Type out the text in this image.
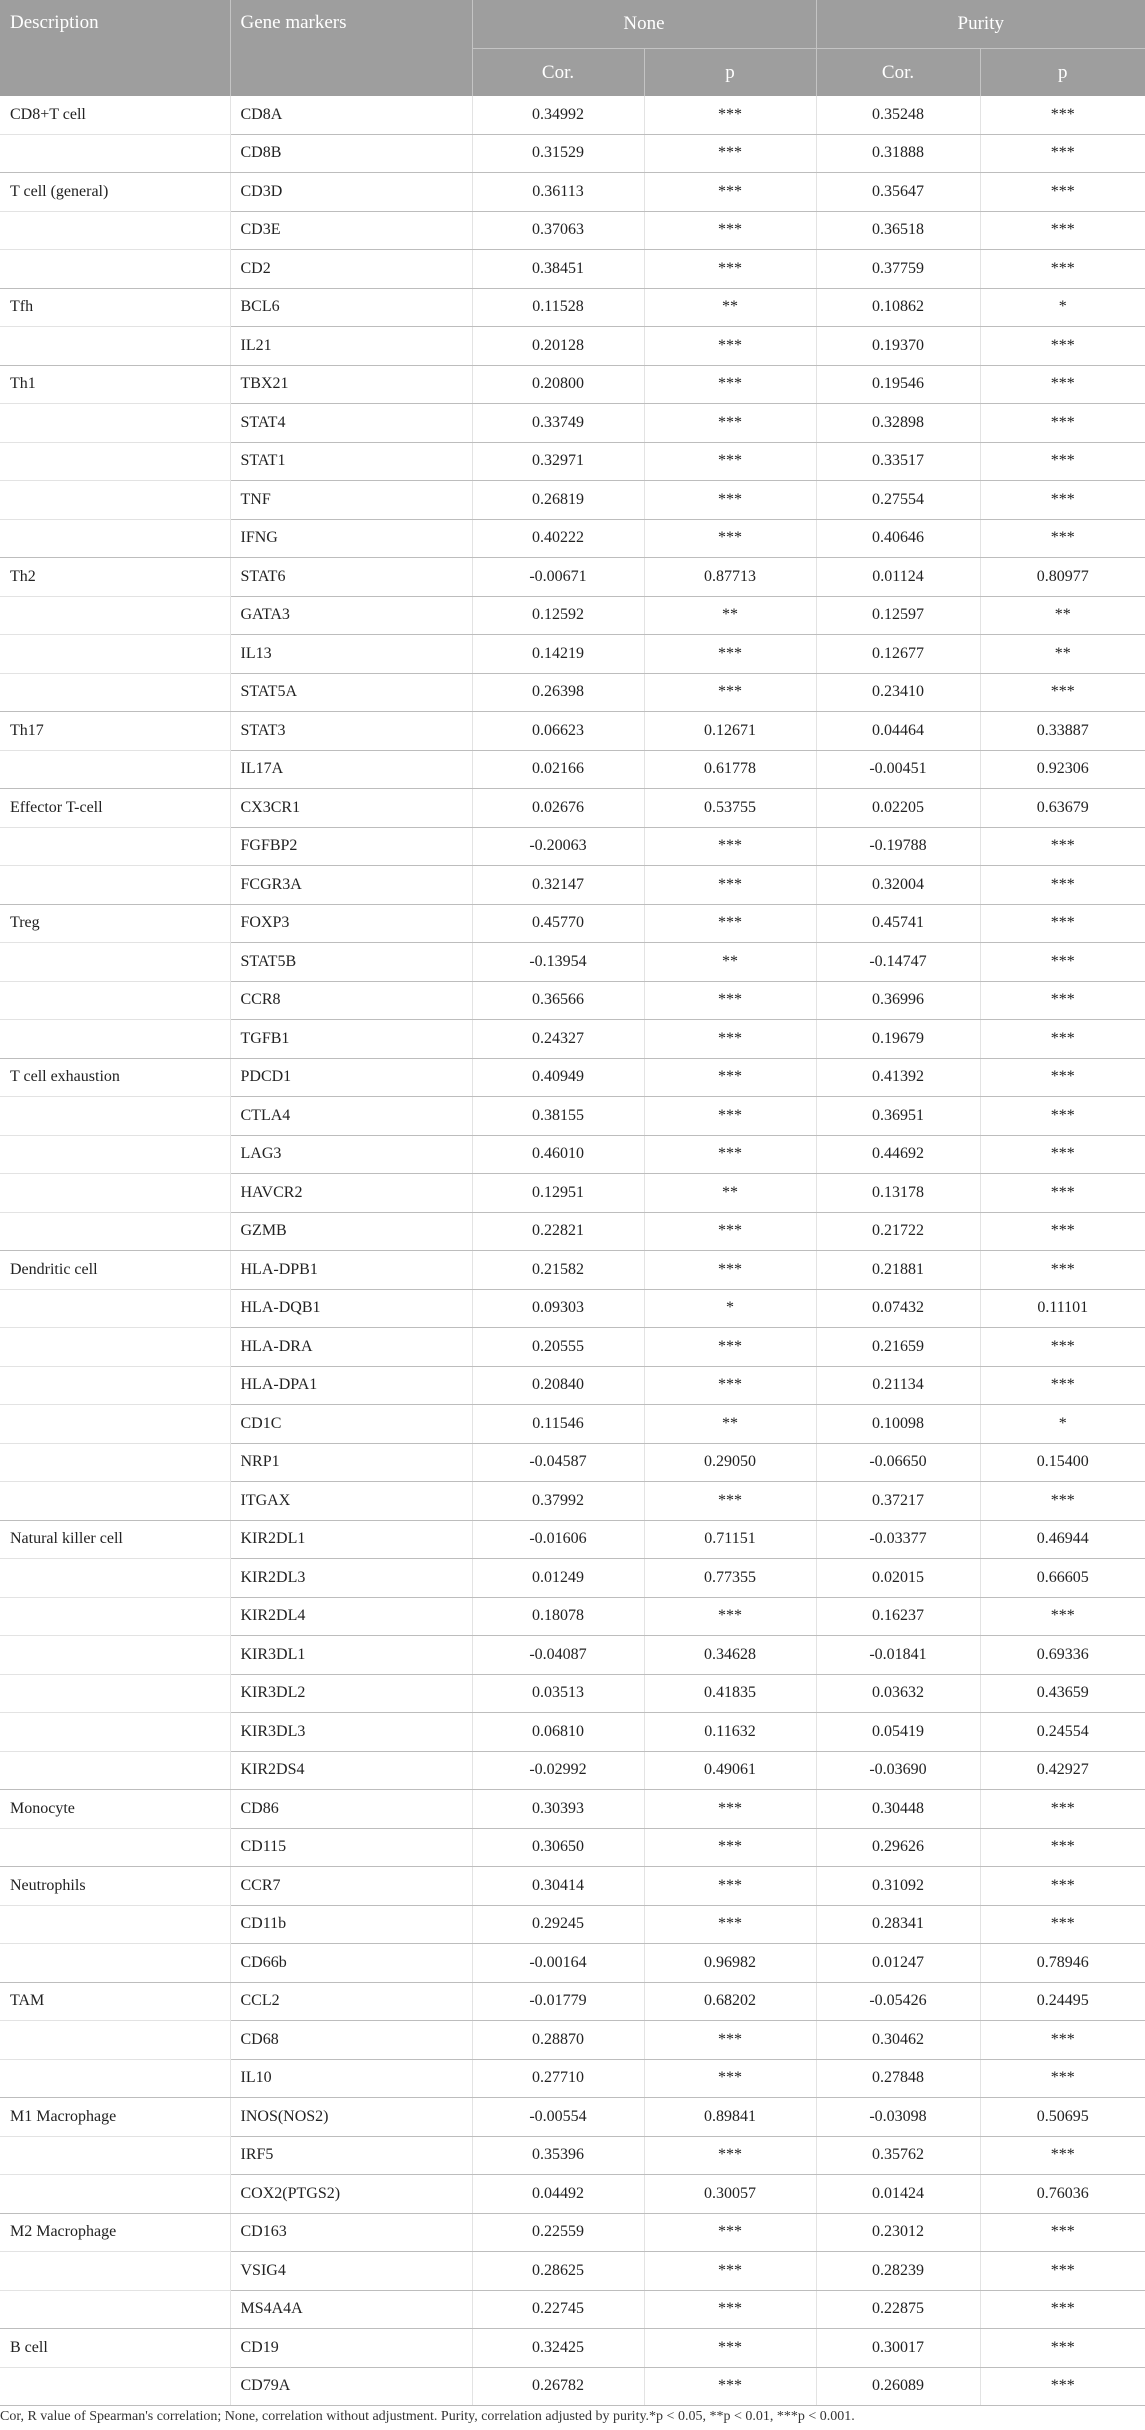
Description	Gene markers	None		Purity	
		Cor.	p	Cor.	p
CD8+T cell	CD8A	0.34992	***	0.35248	***
	CD8B	0.31529	***	0.31888	***
T cell (general)	CD3D	0.36113	***	0.35647	***
	CD3E	0.37063	***	0.36518	***
	CD2	0.38451	***	0.37759	***
Tfh	BCL6	0.11528	**	0.10862	*
	IL21	0.20128	***	0.19370	***
Th1	TBX21	0.20800	***	0.19546	***
	STAT4	0.33749	***	0.32898	***
	STAT1	0.32971	***	0.33517	***
	TNF	0.26819	***	0.27554	***
	IFNG	0.40222	***	0.40646	***
Th2	STAT6	-0.00671	0.87713	0.01124	0.80977
	GATA3	0.12592	**	0.12597	**
	IL13	0.14219	***	0.12677	**
	STAT5A	0.26398	***	0.23410	***
Th17	STAT3	0.06623	0.12671	0.04464	0.33887
	IL17A	0.02166	0.61778	-0.00451	0.92306
Effector T-cell	CX3CR1	0.02676	0.53755	0.02205	0.63679
	FGFBP2	-0.20063	***	-0.19788	***
	FCGR3A	0.32147	***	0.32004	***
Treg	FOXP3	0.45770	***	0.45741	***
	STAT5B	-0.13954	**	-0.14747	***
	CCR8	0.36566	***	0.36996	***
	TGFB1	0.24327	***	0.19679	***
T cell exhaustion	PDCD1	0.40949	***	0.41392	***
	CTLA4	0.38155	***	0.36951	***
	LAG3	0.46010	***	0.44692	***
	HAVCR2	0.12951	**	0.13178	***
	GZMB	0.22821	***	0.21722	***
Dendritic cell	HLA-DPB1	0.21582	***	0.21881	***
	HLA-DQB1	0.09303	*	0.07432	0.11101
	HLA-DRA	0.20555	***	0.21659	***
	HLA-DPA1	0.20840	***	0.21134	***
	CD1C	0.11546	**	0.10098	*
	NRP1	-0.04587	0.29050	-0.06650	0.15400
	ITGAX	0.37992	***	0.37217	***
Natural killer cell	KIR2DL1	-0.01606	0.71151	-0.03377	0.46944
	KIR2DL3	0.01249	0.77355	0.02015	0.66605
	KIR2DL4	0.18078	***	0.16237	***
	KIR3DL1	-0.04087	0.34628	-0.01841	0.69336
	KIR3DL2	0.03513	0.41835	0.03632	0.43659
	KIR3DL3	0.06810	0.11632	0.05419	0.24554
	KIR2DS4	-0.02992	0.49061	-0.03690	0.42927
Monocyte	CD86	0.30393	***	0.30448	***
	CD115	0.30650	***	0.29626	***
Neutrophils	CCR7	0.30414	***	0.31092	***
	CD11b	0.29245	***	0.28341	***
	CD66b	-0.00164	0.96982	0.01247	0.78946
TAM	CCL2	-0.01779	0.68202	-0.05426	0.24495
	CD68	0.28870	***	0.30462	***
	IL10	0.27710	***	0.27848	***
M1 Macrophage	INOS(NOS2)	-0.00554	0.89841	-0.03098	0.50695
	IRF5	0.35396	***	0.35762	***
	COX2(PTGS2)	0.04492	0.30057	0.01424	0.76036
M2 Macrophage	CD163	0.22559	***	0.23012	***
	VSIG4	0.28625	***	0.28239	***
	MS4A4A	0.22745	***	0.22875	***
B cell	CD19	0.32425	***	0.30017	***
	CD79A	0.26782	***	0.26089	***
Cor, R value of Spearman's correlation; None, correlation without adjustment. Purity, correlation adjusted by purity.*p < 0.05, **p < 0.01, ***p < 0.001.
